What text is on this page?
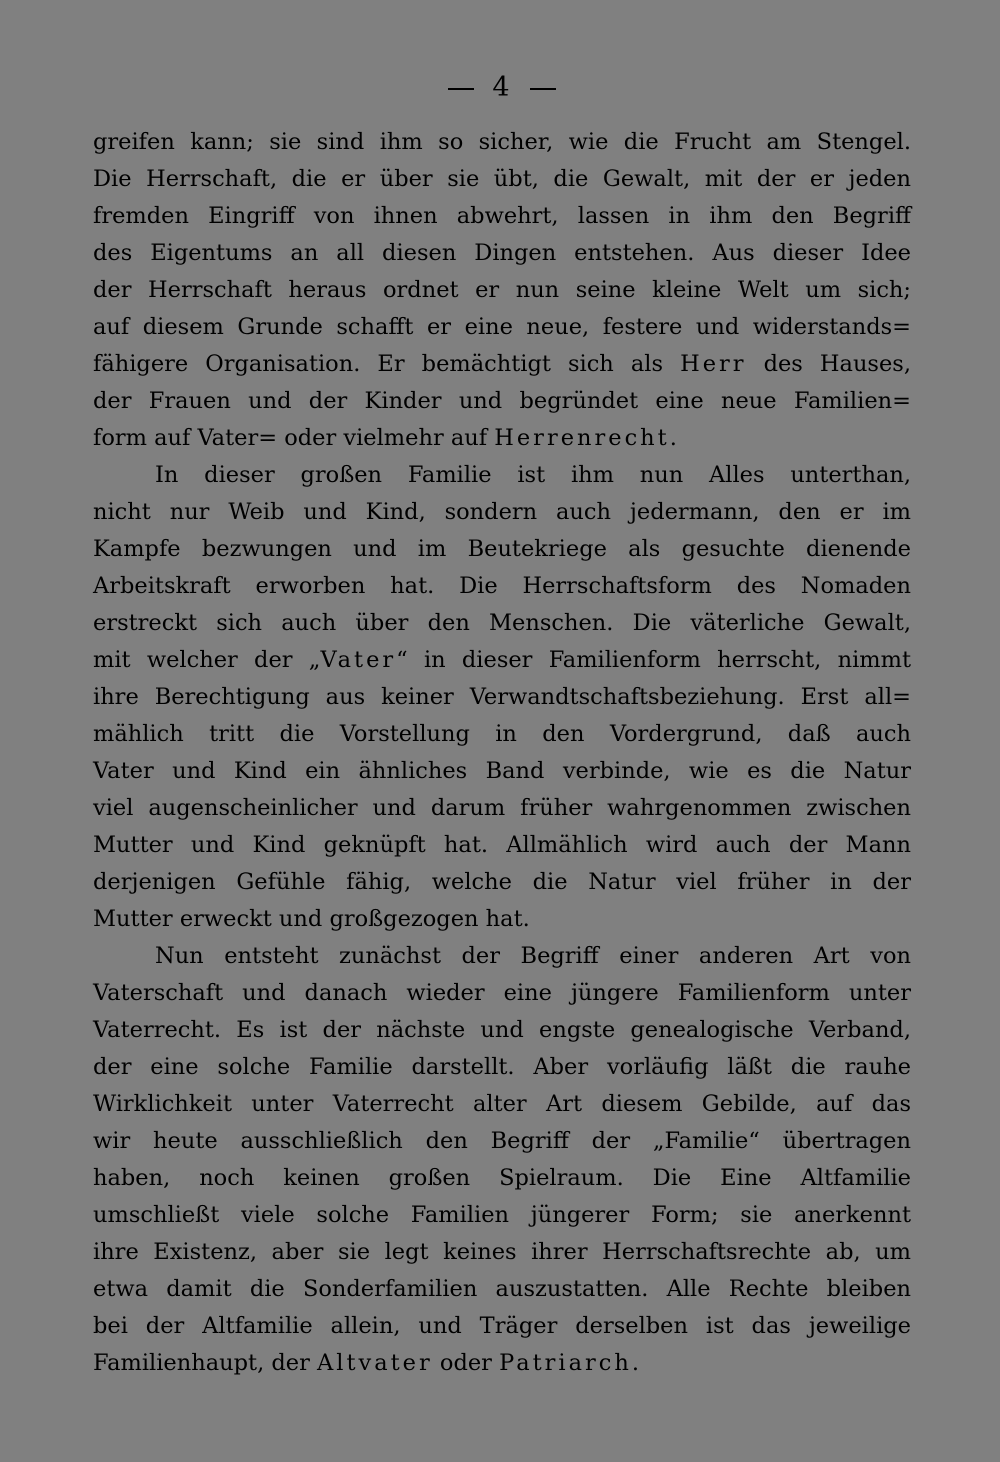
4
greifen kann; sie sind ihm so sicher, wie die Frucht am Stengel.
Die Herrschaft, die er über sie übt, die Gewalt, mit der er jeden
fremden Eingriff von ihnen abwehrt, lassen in ihm den Begriff
des Eigentums an all diesen Dingen entstehen. Aus dieser Idee
der Herrschaft heraus ordnet er nun seine kleine Welt um sich;
auf diesem Grunde schafft er eine neue, festere und widerstands=
fähigere Organisation. Er bemächtigt sich als Herr des Hauses,
der Frauen und der Kinder und begründet eine neue Familien=
form auf Vater= oder vielmehr auf Herrenrecht.
In dieser großen Familie ist ihm nun Alles unterthan,
nicht nur Weib und Kind, sondern auch jedermann, den er im
Kampfe bezwungen und im Beutekriege als gesuchte dienende
Arbeitskraft erworben hat. Die Herrschaftsform des Nomaden
erstreckt sich auch über den Menschen. Die väterliche Gewalt,
mit welcher der „Vater“ in dieser Familienform herrscht, nimmt
ihre Berechtigung aus keiner Verwandtschaftsbeziehung. Erst all=
mählich tritt die Vorstellung in den Vordergrund, daß auch
Vater und Kind ein ähnliches Band verbinde, wie es die Natur
viel augenscheinlicher und darum früher wahrgenommen zwischen
Mutter und Kind geknüpft hat. Allmählich wird auch der Mann
derjenigen Gefühle fähig, welche die Natur viel früher in der
Mutter erweckt und großgezogen hat.
Nun entsteht zunächst der Begriff einer anderen Art von
Vaterschaft und danach wieder eine jüngere Familienform unter
Vaterrecht. Es ist der nächste und engste genealogische Verband,
der eine solche Familie darstellt. Aber vorläufig läßt die rauhe
Wirklichkeit unter Vaterrecht alter Art diesem Gebilde, auf das
wir heute ausschließlich den Begriff der „Familie“ übertragen
haben, noch keinen großen Spielraum. Die Eine Altfamilie
umschließt viele solche Familien jüngerer Form; sie anerkennt
ihre Existenz, aber sie legt keines ihrer Herrschaftsrechte ab, um
etwa damit die Sonderfamilien auszustatten. Alle Rechte bleiben
bei der Altfamilie allein, und Träger derselben ist das jeweilige
Familienhaupt, der Altvater oder Patriarch.
